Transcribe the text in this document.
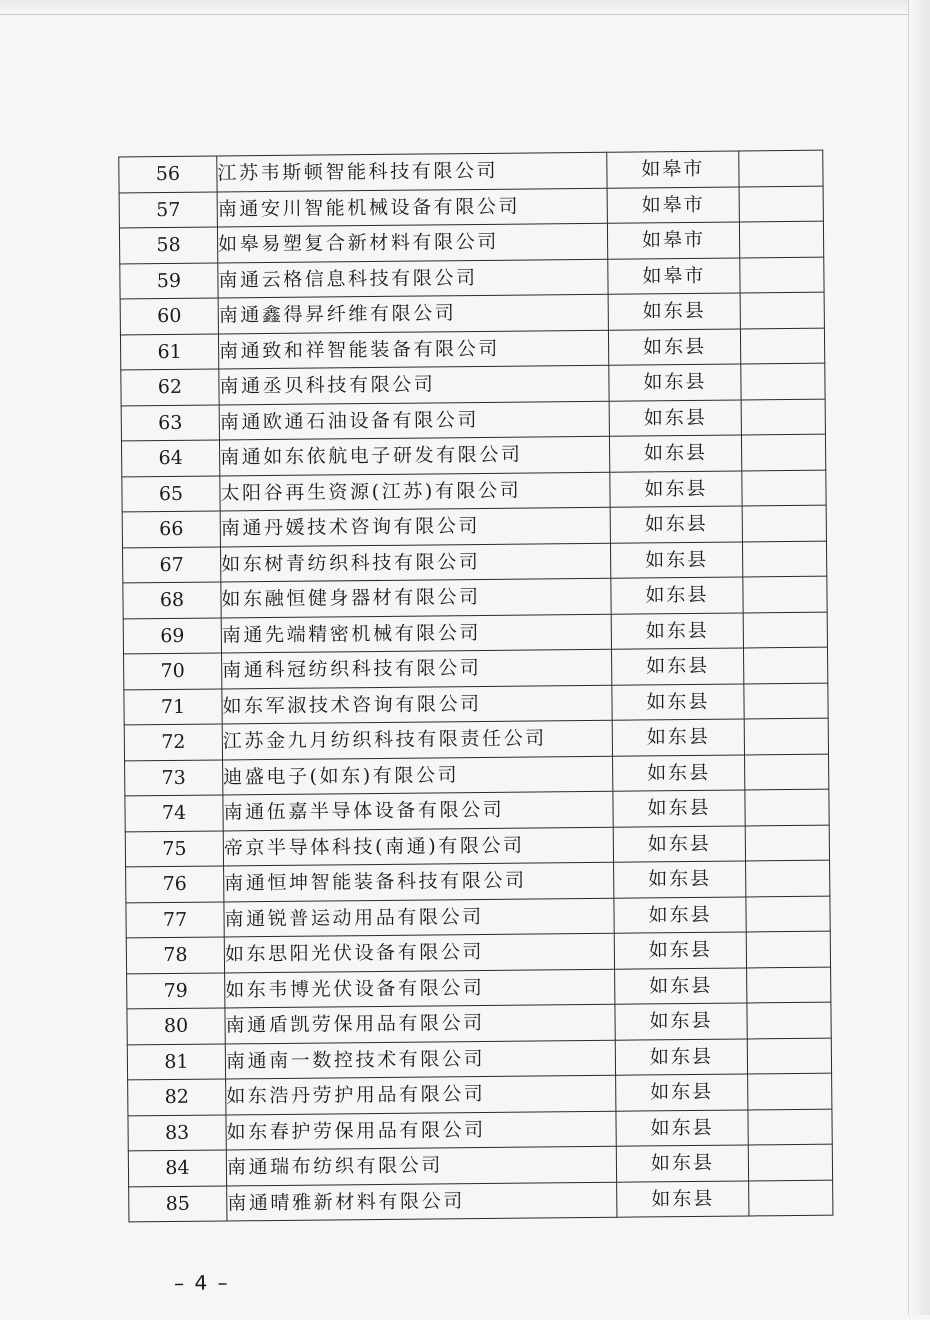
56	江苏韦斯顿智能科技有限公司	如皋市	
57	南通安川智能机械设备有限公司	如皋市	
58	如皋易塑复合新材料有限公司	如皋市	
59	南通云格信息科技有限公司	如皋市	
60	南通鑫得昇纤维有限公司	如东县	
61	南通致和祥智能装备有限公司	如东县	
62	南通丞贝科技有限公司	如东县	
63	南通欧通石油设备有限公司	如东县	
64	南通如东依航电子研发有限公司	如东县	
65	太阳谷再生资源(江苏)有限公司	如东县	
66	南通丹媛技术咨询有限公司	如东县	
67	如东树青纺织科技有限公司	如东县	
68	如东融恒健身器材有限公司	如东县	
69	南通先端精密机械有限公司	如东县	
70	南通科冠纺织科技有限公司	如东县	
71	如东军淑技术咨询有限公司	如东县	
72	江苏金九月纺织科技有限责任公司	如东县	
73	迪盛电子(如东)有限公司	如东县	
74	南通伍嘉半导体设备有限公司	如东县	
75	帝京半导体科技(南通)有限公司	如东县	
76	南通恒坤智能装备科技有限公司	如东县	
77	南通锐普运动用品有限公司	如东县	
78	如东思阳光伏设备有限公司	如东县	
79	如东韦博光伏设备有限公司	如东县	
80	南通盾凯劳保用品有限公司	如东县	
81	南通南一数控技术有限公司	如东县	
82	如东浩丹劳护用品有限公司	如东县	
83	如东春护劳保用品有限公司	如东县	
84	南通瑞布纺织有限公司	如东县	
85	南通晴雅新材料有限公司	如东县	
– 4 –
